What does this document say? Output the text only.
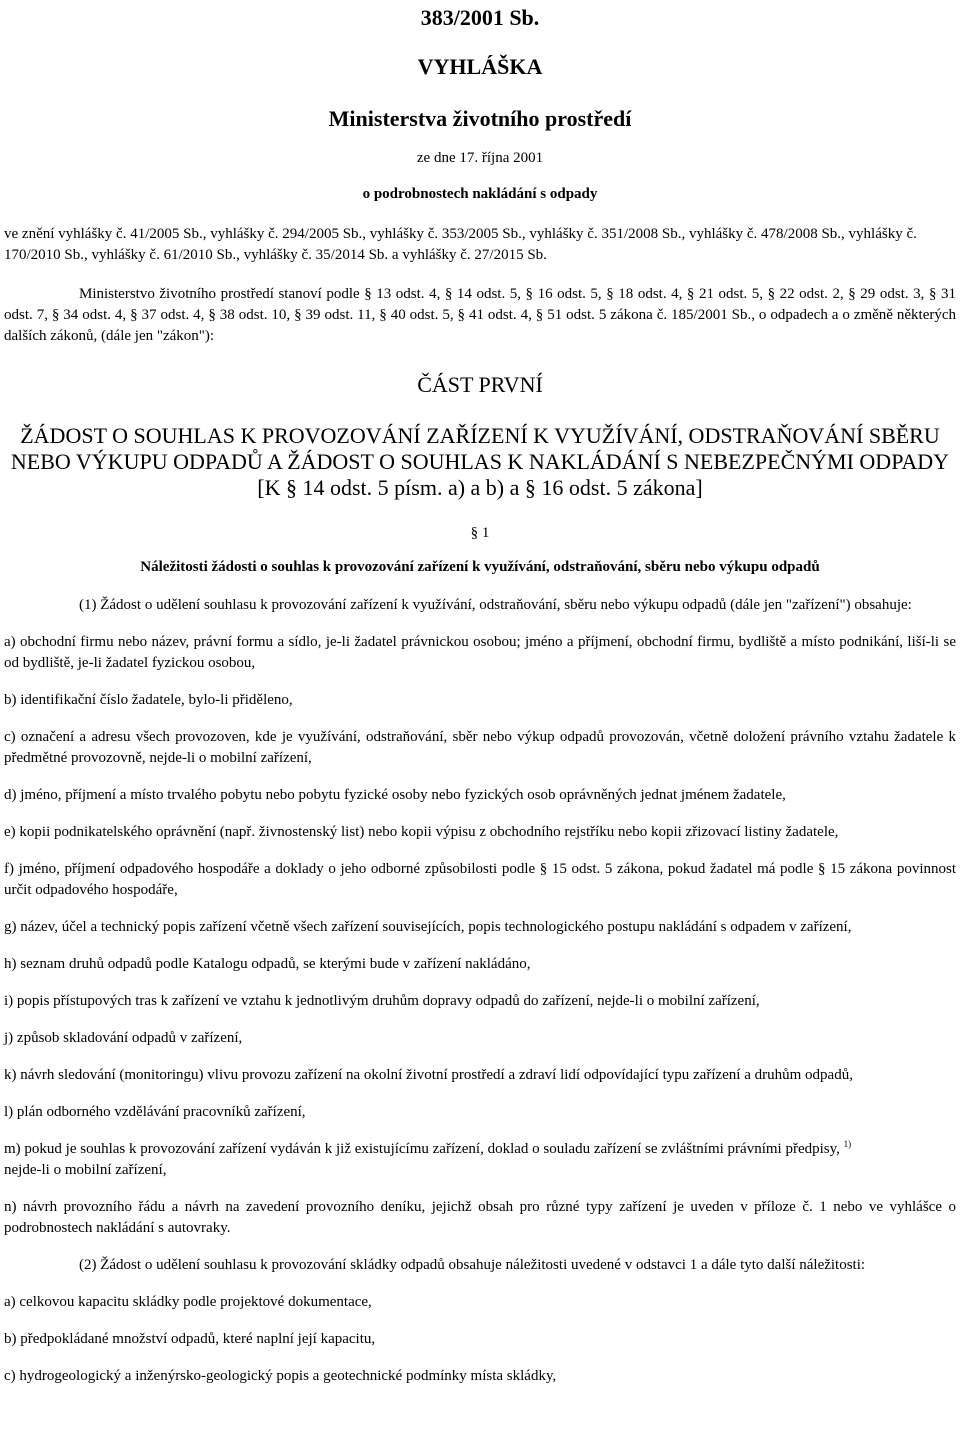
383/2001 Sb.
VYHLÁŠKA
Ministerstva životního prostředí
ze dne 17. října 2001
o podrobnostech nakládání s odpady
ve znění vyhlášky č. 41/2005 Sb., vyhlášky č. 294/2005 Sb., vyhlášky č. 353/2005 Sb., vyhlášky č. 351/2008 Sb., vyhlášky č. 478/2008 Sb., vyhlášky č. 170/2010 Sb., vyhlášky č. 61/2010 Sb., vyhlášky č. 35/2014 Sb. a vyhlášky č. 27/2015 Sb.
Ministerstvo životního prostředí stanoví podle § 13 odst. 4, § 14 odst. 5, § 16 odst. 5, § 18 odst. 4, § 21 odst. 5, § 22 odst. 2, § 29 odst. 3, § 31 odst. 7, § 34 odst. 4, § 37 odst. 4, § 38 odst. 10, § 39 odst. 11, § 40 odst. 5, § 41 odst. 4, § 51 odst. 5 zákona č. 185/2001 Sb., o odpadech a o změně některých dalších zákonů, (dále jen "zákon"):
ČÁST PRVNÍ
ŽÁDOST O SOUHLAS K PROVOZOVÁNÍ ZAŘÍZENÍ K VYUŽÍVÁNÍ, ODSTRAŇOVÁNÍ SBĚRU NEBO VÝKUPU ODPADŮ A ŽÁDOST O SOUHLAS K NAKLÁDÁNÍ S NEBEZPEČNÝMI ODPADY [K § 14 odst. 5 písm. a) a b) a § 16 odst. 5 zákona]
§ 1
Náležitosti žádosti o souhlas k provozování zařízení k využívání, odstraňování, sběru nebo výkupu odpadů
(1) Žádost o udělení souhlasu k provozování zařízení k využívání, odstraňování, sběru nebo výkupu odpadů (dále jen "zařízení") obsahuje:
a) obchodní firmu nebo název, právní formu a sídlo, je-li žadatel právnickou osobou; jméno a příjmení, obchodní firmu, bydliště a místo podnikání, liší-li se od bydliště, je-li žadatel fyzickou osobou,
b) identifikační číslo žadatele, bylo-li přiděleno,
c) označení a adresu všech provozoven, kde je využívání, odstraňování, sběr nebo výkup odpadů provozován, včetně doložení právního vztahu žadatele k předmětné provozovně, nejde-li o mobilní zařízení,
d) jméno, příjmení a místo trvalého pobytu nebo pobytu fyzické osoby nebo fyzických osob oprávněných jednat jménem žadatele,
e) kopii podnikatelského oprávnění (např. živnostenský list) nebo kopii výpisu z obchodního rejstříku nebo kopii zřizovací listiny žadatele,
f) jméno, příjmení odpadového hospodáře a doklady o jeho odborné způsobilosti podle § 15 odst. 5 zákona, pokud žadatel má podle § 15 zákona povinnost určit odpadového hospodáře,
g) název, účel a technický popis zařízení včetně všech zařízení souvisejících, popis technologického postupu nakládání s odpadem v zařízení,
h) seznam druhů odpadů podle Katalogu odpadů, se kterými bude v zařízení nakládáno,
i) popis přístupových tras k zařízení ve vztahu k jednotlivým druhům dopravy odpadů do zařízení, nejde-li o mobilní zařízení,
j) způsob skladování odpadů v zařízení,
k) návrh sledování (monitoringu) vlivu provozu zařízení na okolní životní prostředí a zdraví lidí odpovídající typu zařízení a druhům odpadů,
l) plán odborného vzdělávání pracovníků zařízení,
m) pokud je souhlas k provozování zařízení vydáván k již existujícímu zařízení, doklad o souladu zařízení se zvláštními právními předpisy, $^{1)}$
nejde-li o mobilní zařízení,
n) návrh provozního řádu a návrh na zavedení provozního deníku, jejichž obsah pro různé typy zařízení je uveden v příloze č. 1 nebo ve vyhlášce o podrobnostech nakládání s autovraky.
(2) Žádost o udělení souhlasu k provozování skládky odpadů obsahuje náležitosti uvedené v odstavci 1 a dále tyto další náležitosti:
a) celkovou kapacitu skládky podle projektové dokumentace,
b) předpokládané množství odpadů, které naplní její kapacitu,
c) hydrogeologický a inženýrsko-geologický popis a geotechnické podmínky místa skládky,
